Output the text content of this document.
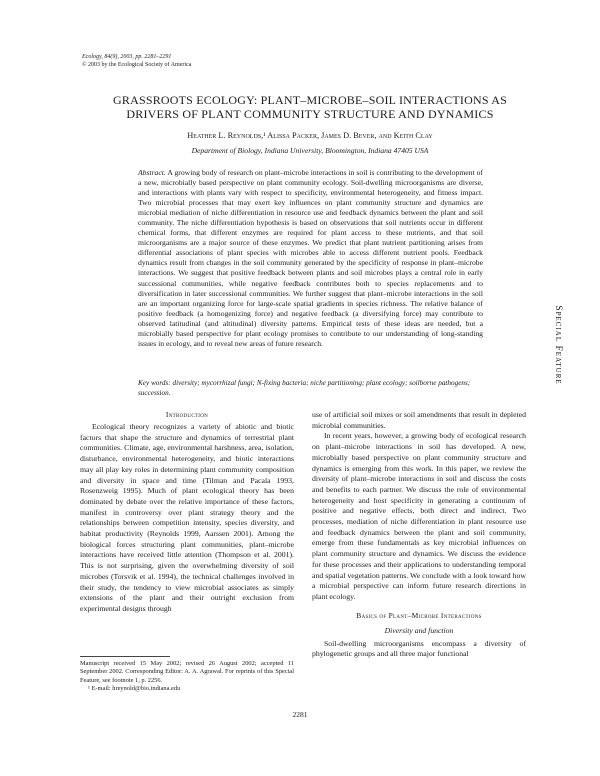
Ecology, 84(9), 2003, pp. 2281–2291
© 2003 by the Ecological Society of America
GRASSROOTS ECOLOGY: PLANT–MICROBE–SOIL INTERACTIONS AS DRIVERS OF PLANT COMMUNITY STRUCTURE AND DYNAMICS
Heather L. Reynolds,¹ Alissa Packer, James D. Bever, and Keith Clay
Department of Biology, Indiana University, Bloomington, Indiana 47405 USA
Abstract. A growing body of research on plant–microbe interactions in soil is contributing to the development of a new, microbially based perspective on plant community ecology. Soil-dwelling microorganisms are diverse, and interactions with plants vary with respect to specificity, environmental heterogeneity, and fitness impact. Two microbial processes that may exert key influences on plant community structure and dynamics are microbial mediation of niche differentiation in resource use and feedback dynamics between the plant and soil community. The niche differentiation hypothesis is based on observations that soil nutrients occur in different chemical forms, that different enzymes are required for plant access to these nutrients, and that soil microorganisms are a major source of these enzymes. We predict that plant nutrient partitioning arises from differential associations of plant species with microbes able to access different nutrient pools. Feedback dynamics result from changes in the soil community generated by the specificity of response in plant–microbe interactions. We suggest that positive feedback between plants and soil microbes plays a central role in early successional communities, while negative feedback contributes both to species replacements and to diversification in later successional communities. We further suggest that plant–microbe interactions in the soil are an important organizing force for large-scale spatial gradients in species richness. The relative balance of positive feedback (a homogenizing force) and negative feedback (a diversifying force) may contribute to observed latitudinal (and altitudinal) diversity patterns. Empirical tests of these ideas are needed, but a microbially based perspective for plant ecology promises to contribute to our understanding of long-standing issues in ecology, and to reveal new areas of future research.
Key words: diversity; mycorrhizal fungi; N-fixing bacteria; niche partitioning; plant ecology; soilborne pathogens; succession.
Special Feature
Introduction
Ecological theory recognizes a variety of abiotic and biotic factors that shape the structure and dynamics of terrestrial plant communities. Climate, age, environmental harshness, area, isolation, disturbance, environmental heterogeneity, and biotic interactions may all play key roles in determining plant community composition and diversity in space and time (Tilman and Pacala 1993, Rosenzweig 1995). Much of plant ecological theory has been dominated by debate over the relative importance of these factors, manifest in controversy over plant strategy theory and the relationships between competition intensity, species diversity, and habitat productivity (Reynolds 1999, Aarssen 2001). Among the biological forces structuring plant communities, plant–microbe interactions have received little attention (Thompson et al. 2001). This is not surprising, given the overwhelming diversity of soil microbes (Torsvik et al. 1994), the technical challenges involved in their study, the tendency to view microbial associates as simply extensions of the plant and their outright exclusion from experimental designs through
Manuscript received 15 May 2002; revised 26 August 2002; accepted 11 September 2002. Corresponding Editor: A. A. Agrawal. For reprints of this Special Feature, see footnote 1, p. 2256.
¹ E-mail: hreynold@bio.indiana.edu
use of artificial soil mixes or soil amendments that result in depleted microbial communities.
In recent years, however, a growing body of ecological research on plant–microbe interactions in soil has developed. A new, microbially based perspective on plant community structure and dynamics is emerging from this work. In this paper, we review the diversity of plant–microbe interactions in soil and discuss the costs and benefits to each partner. We discuss the role of environmental heterogeneity and host specificity in generating a continuum of positive and negative effects, both direct and indirect. Two processes, mediation of niche differentiation in plant resource use and feedback dynamics between the plant and soil community, emerge from these fundamentals as key microbial influences on plant community structure and dynamics. We discuss the evidence for these processes and their applications to understanding temporal and spatial vegetation patterns. We conclude with a look toward how a microbial perspective can inform future research directions in plant ecology.
Basics of Plant–Microbe Interactions
Diversity and function
Soil-dwelling microorganisms encompass a diversity of phylogenetic groups and all three major functional
2281
